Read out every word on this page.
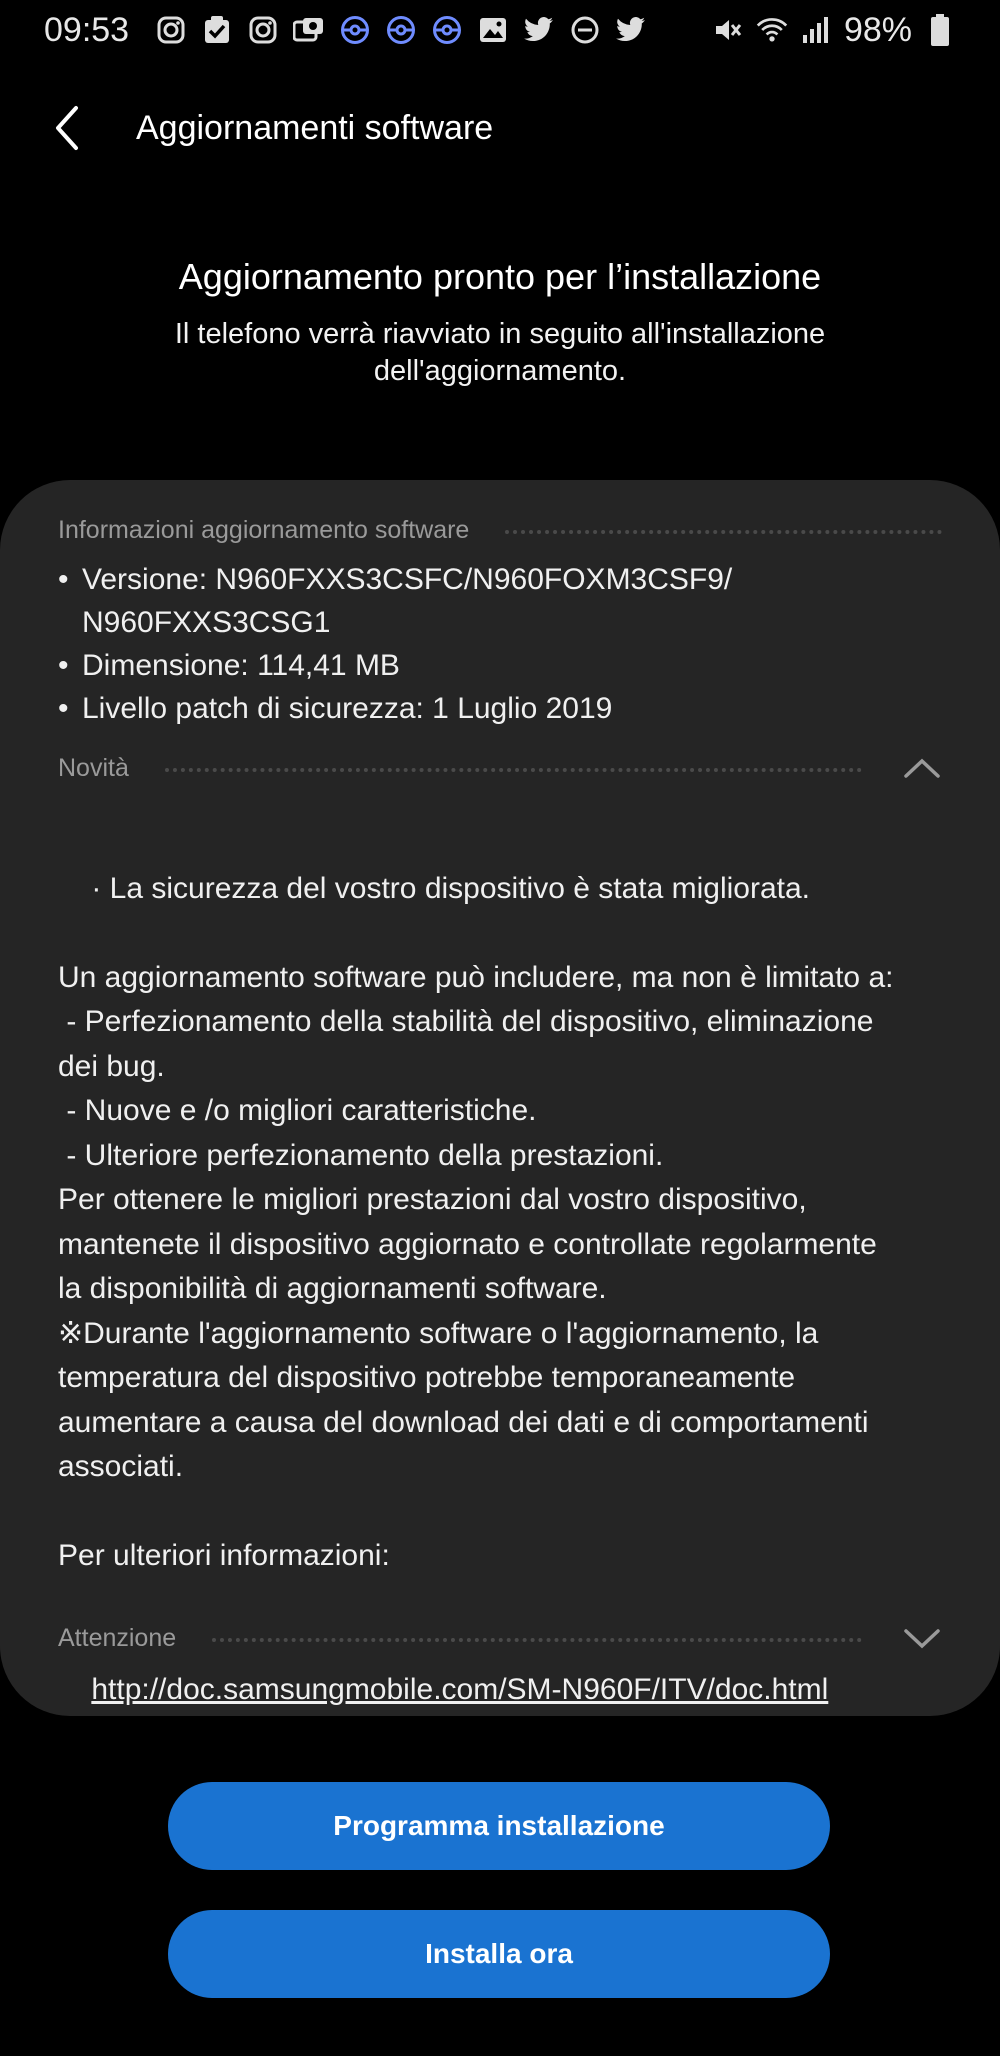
09:53	98%
Aggiornamenti software
Aggiornamento pronto per l’installazione
Il telefono verrà riavviato in seguito all'installazione dell'aggiornamento.
Informazioni aggiornamento software
• Versione: N960FXXS3CSFC/N960FOXM3CSF9/
N960FXXS3CSG1
• Dimensione: 114,41 MB
• Livello patch di sicurezza: 1 Luglio 2019
Novità

· La sicurezza del vostro dispositivo è stata migliorata.

Un aggiornamento software può includere, ma non è limitato a:
- Perfezionamento della stabilità del dispositivo, eliminazione
dei bug.
- Nuove e /o migliori caratteristiche.
- Ulteriore perfezionamento della prestazioni.
Per ottenere le migliori prestazioni dal vostro dispositivo,
mantenete il dispositivo aggiornato e controllate regolarmente
la disponibilità di aggiornamenti software.
※Durante l'aggiornamento software o l'aggiornamento, la
temperatura del dispositivo potrebbe temporaneamente
aumentare a causa del download dei dati e di comportamenti
associati.

Per ulteriori informazioni:

http://doc.samsungmobile.com/SM-N960F/ITV/doc.html

Attenzione
Programma installazione
Installa ora
